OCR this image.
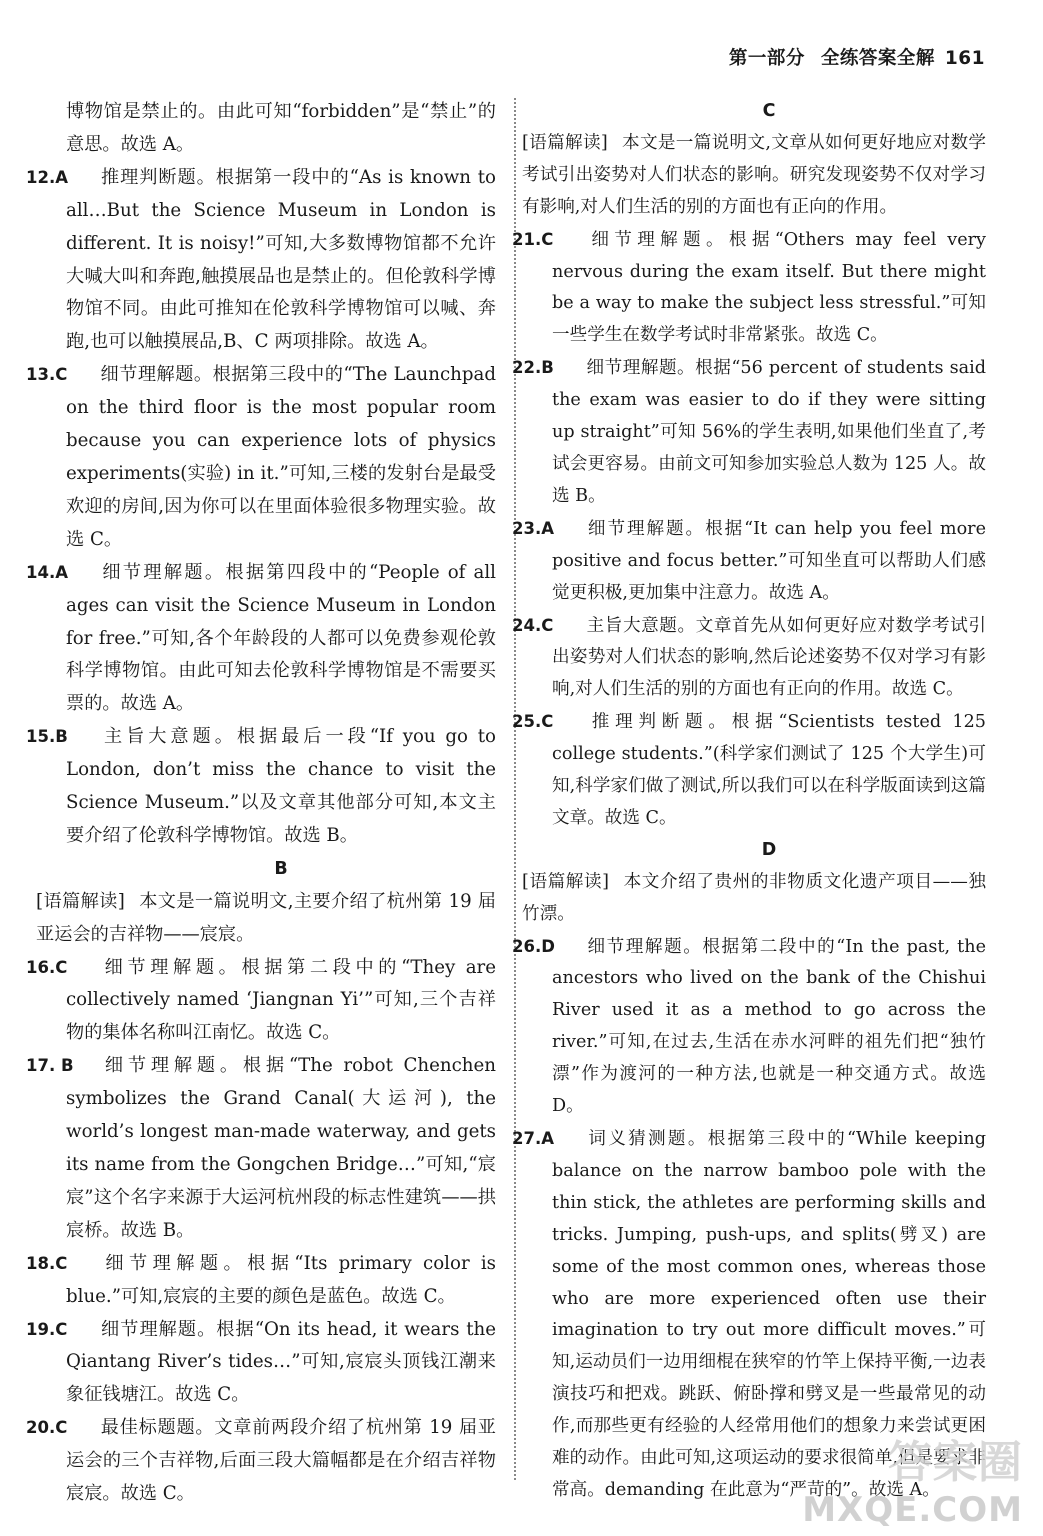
第一部分 全练答案全解 161

博物馆是禁止的。由此可知“forbidden”是“禁止”的意思。故选 A。

12.A 推理判断题。根据第一段中的“As is known to all…But the Science Museum in London is different. It is noisy!”可知,大多数博物馆都不允许大喊大叫和奔跑,触摸展品也是禁止的。但伦敦科学博物馆不同。由此可推知在伦敦科学博物馆可以喊、奔跑,也可以触摸展品,B、C 两项排除。故选 A。

13.C 细节理解题。根据第三段中的“The Launchpad on the third floor is the most popular room because you can experience lots of physics experiments(实验) in it.”可知,三楼的发射台是最受欢迎的房间,因为你可以在里面体验很多物理实验。故选 C。

14.A 细节理解题。根据第四段中的“People of all ages can visit the Science Museum in London for free.”可知,各个年龄段的人都可以免费参观伦敦科学博物馆。由此可知去伦敦科学博物馆是不需要买票的。故选 A。

15.B 主旨大意题。根据最后一段“If you go to London, don’t miss the chance to visit the Science Museum.”以及文章其他部分可知,本文主要介绍了伦敦科学博物馆。故选 B。

B

[语篇解读] 本文是一篇说明文,主要介绍了杭州第 19 届亚运会的吉祥物——宸宸。

16.C 细节理解题。根据第二段中的“They are collectively named ‘Jiangnan Yi’”可知,三个吉祥物的集体名称叫江南忆。故选 C。

17. B 细节理解题。根据“The robot Chenchen symbolizes the Grand Canal(大运河), the world’s longest man-made waterway, and gets its name from the Gongchen Bridge…”可知,“宸宸”这个名字来源于大运河杭州段的标志性建筑——拱宸桥。故选 B。

18.C 细节理解题。根据“Its primary color is blue.”可知,宸宸的主要的颜色是蓝色。故选 C。

19.C 细节理解题。根据“On its head, it wears the Qiantang River’s tides…”可知,宸宸头顶钱江潮来象征钱塘江。故选 C。

20.C 最佳标题题。文章前两段介绍了杭州第 19 届亚运会的三个吉祥物,后面三段大篇幅都是在介绍吉祥物宸宸。故选 C。

C

[语篇解读] 本文是一篇说明文,文章从如何更好地应对数学考试引出姿势对人们状态的影响。研究发现姿势不仅对学习有影响,对人们生活的别的方面也有正向的作用。

21.C 细节理解题。根据“Others may feel very nervous during the exam itself. But there might be a way to make the subject less stressful.”可知一些学生在数学考试时非常紧张。故选 C。

22.B 细节理解题。根据“56 percent of students said the exam was easier to do if they were sitting up straight”可知 56%的学生表明,如果他们坐直了,考试会更容易。由前文可知参加实验总人数为 125 人。故选 B。

23.A 细节理解题。根据“It can help you feel more positive and focus better.”可知坐直可以帮助人们感觉更积极,更加集中注意力。故选 A。

24.C 主旨大意题。文章首先从如何更好应对数学考试引出姿势对人们状态的影响,然后论述姿势不仅对学习有影响,对人们生活的别的方面也有正向的作用。故选 C。

25.C 推理判断题。根据“Scientists tested 125 college students.”(科学家们测试了 125 个大学生)可知,科学家们做了测试,所以我们可以在科学版面读到这篇文章。故选 C。

D

[语篇解读] 本文介绍了贵州的非物质文化遗产项目——独竹漂。

26.D 细节理解题。根据第二段中的“In the past, the ancestors who lived on the bank of the Chishui River used it as a method to go across the river.”可知,在过去,生活在赤水河畔的祖先们把“独竹漂”作为渡河的一种方法,也就是一种交通方式。故选 D。

27.A 词义猜测题。根据第三段中的“While keeping balance on the narrow bamboo pole with the thin stick, the athletes are performing skills and tricks. Jumping, push-ups, and splits(劈叉) are some of the most common ones, whereas those who are more experienced often use their imagination to try out more difficult moves.”可知,运动员们一边用细棍在狭窄的竹竿上保持平衡,一边表演技巧和把戏。跳跃、俯卧撑和劈叉是一些最常见的动作,而那些更有经验的人经常用他们的想象力来尝试更困难的动作。由此可知,这项运动的要求很简单,但是要求非常高。demanding 在此意为“严苛的”。故选 A。

答案圈
MXQE.COM
